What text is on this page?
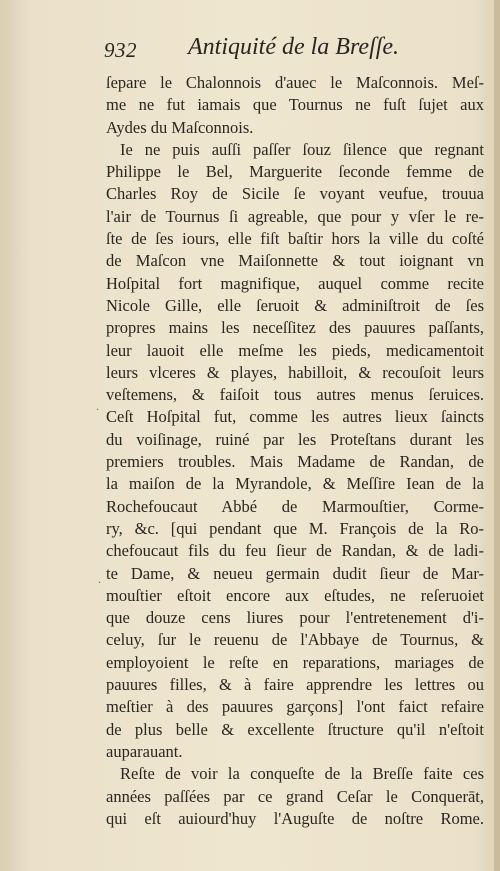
932 Antiquité de la Breſſe.
ſepare le Chalonnois d'auec le Maſconnois. Meſ-
me ne fut iamais que Tournus ne fuſt ſujet aux
Aydes du Maſconnois.
Ie ne puis auſſi paſſer ſouz ſilence que regnant
Philippe le Bel, Marguerite ſeconde femme de
Charles Roy de Sicile ſe voyant veufue, trouua
l'air de Tournus ſi agreable, que pour y vſer le re-
ſte de ſes iours, elle fiſt baſtir hors la ville du coſté
de Maſcon vne Maiſonnette & tout ioignant vn
Hoſpital fort magnifique, auquel comme recite
Nicole Gille, elle ſeruoit & adminiſtroit de ſes
propres mains les neceſſitez des pauures paſſants,
leur lauoit elle meſme les pieds, medicamentoit
leurs vlceres & playes, habilloit, & recouſoit leurs
veſtemens, & faiſoit tous autres menus ſeruices.
Ceſt Hoſpital fut, comme les autres lieux ſaincts
du voiſinage, ruiné par les Proteſtans durant les
premiers troubles. Mais Madame de Randan, de
la maiſon de la Myrandole, & Meſſire Iean de la
Rochefoucaut Abbé de Marmouſtier, Corme-
ry, &c. [qui pendant que M. François de la Ro-
chefoucaut fils du feu ſieur de Randan, & de ladi-
te Dame, & neueu germain dudit ſieur de Mar-
mouſtier eſtoit encore aux eſtudes, ne reſeruoiet
que douze cens liures pour l'entretenement d'i-
celuy, ſur le reuenu de l'Abbaye de Tournus, &
employoient le reſte en reparations, mariages de
pauures filles, & à faire apprendre les lettres ou
meſtier à des pauures garçons] l'ont faict refaire
de plus belle & excellente ſtructure qu'il n'eſtoit
auparauant.
Reſte de voir la conqueſte de la Breſſe faite ces
années paſſées par ce grand Ceſar le Conquerāt,
qui eſt auiourd'huy l'Auguſte de noſtre Rome.
.
·
